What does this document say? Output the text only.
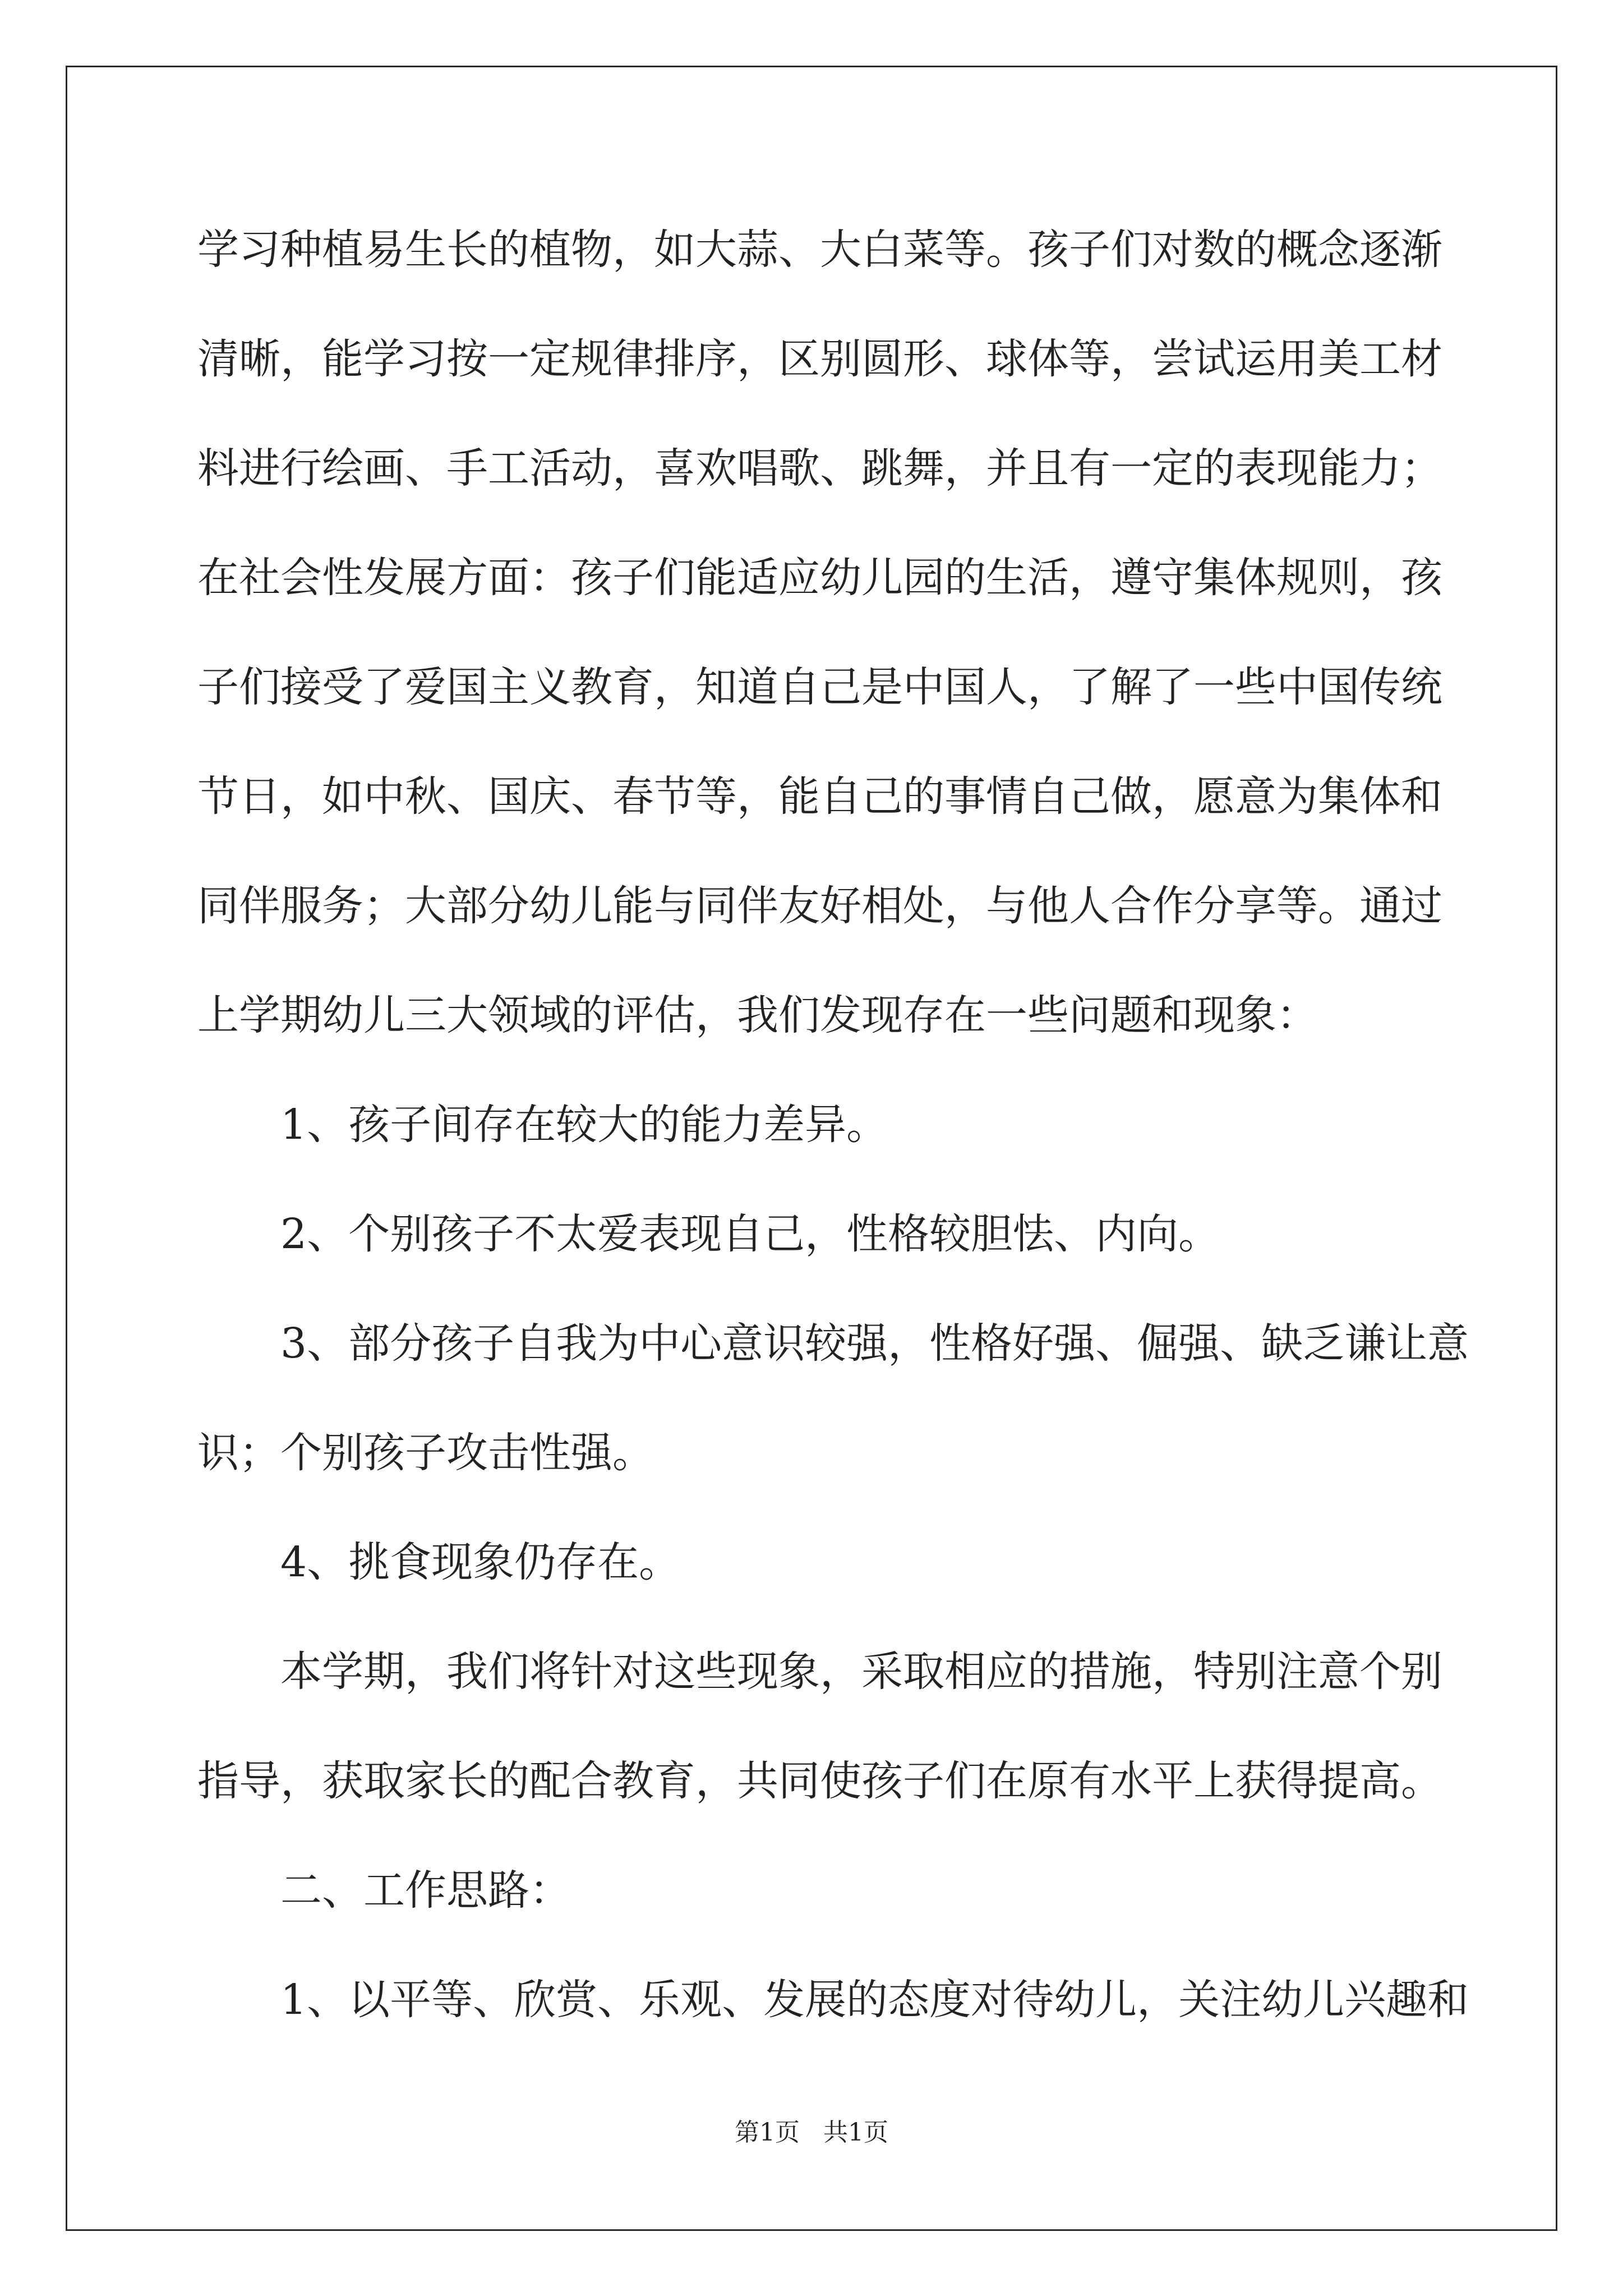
学习种植易生长的植物，如大蒜、大白菜等。孩子们对数的概念逐渐
清晰，能学习按一定规律排序，区别圆形、球体等，尝试运用美工材
料进行绘画、手工活动，喜欢唱歌、跳舞，并且有一定的表现能力；
在社会性发展方面：孩子们能适应幼儿园的生活，遵守集体规则，孩
子们接受了爱国主义教育，知道自己是中国人，了解了一些中国传统
节日，如中秋、国庆、春节等，能自己的事情自己做，愿意为集体和
同伴服务；大部分幼儿能与同伴友好相处，与他人合作分享等。通过
上学期幼儿三大领域的评估，我们发现存在一些问题和现象：
1、孩子间存在较大的能力差异。
2、个别孩子不太爱表现自己，性格较胆怯、内向。
3、部分孩子自我为中心意识较强，性格好强、倔强、缺乏谦让意
识；个别孩子攻击性强。
4、挑食现象仍存在。
本学期，我们将针对这些现象，采取相应的措施，特别注意个别
指导，获取家长的配合教育，共同使孩子们在原有水平上获得提高。
二、工作思路：
1、以平等、欣赏、乐观、发展的态度对待幼儿，关注幼儿兴趣和
第1页   共1页
